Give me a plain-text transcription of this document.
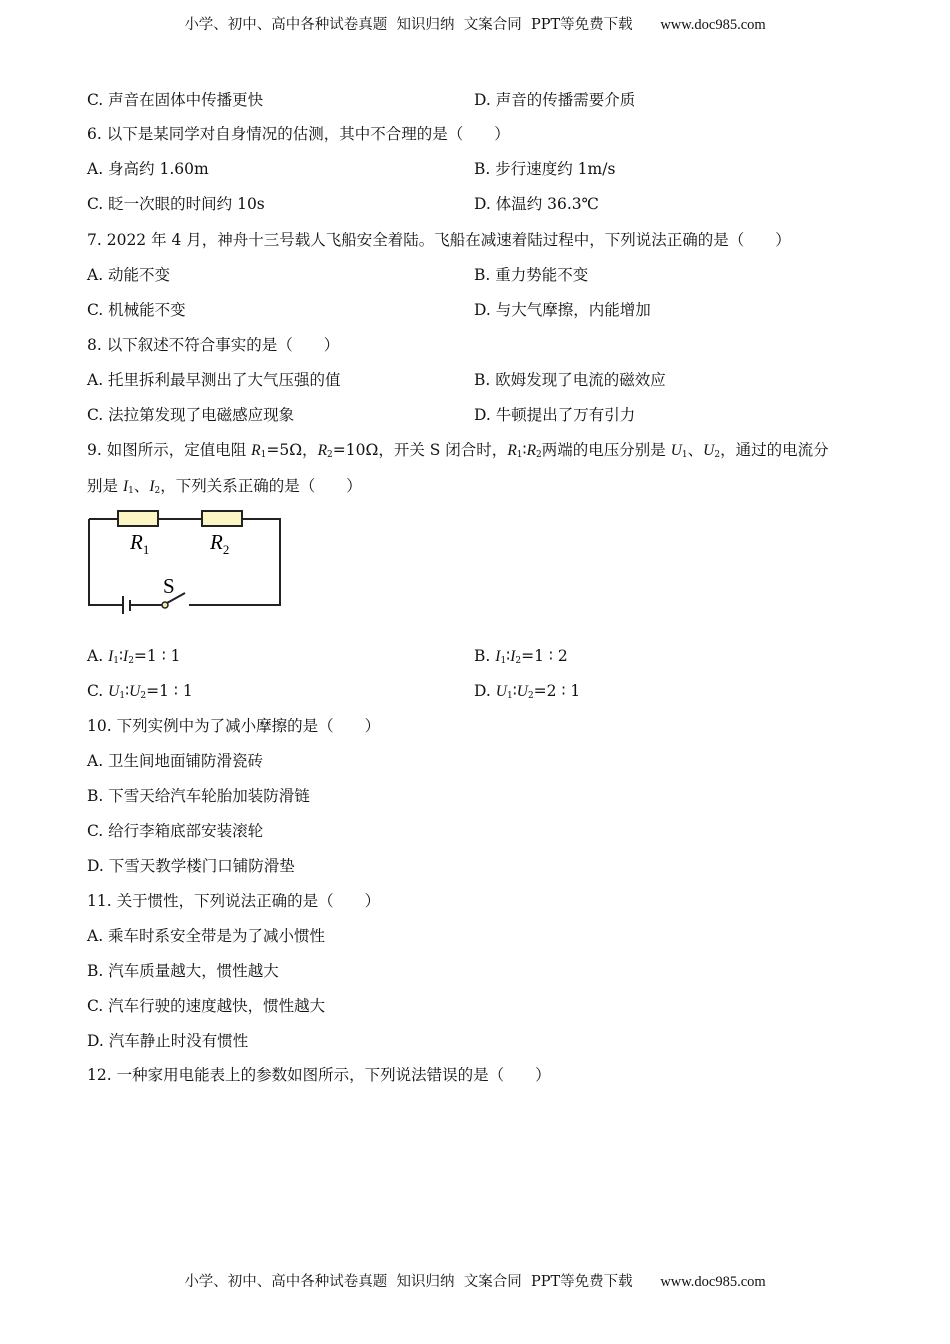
小学、初中、高中各种试卷真题  知识归纳  文案合同  PPT等免费下载 www.doc985.com
C. 声音在固体中传播更快	D. 声音的传播需要介质
6. 以下是某同学对自身情况的估测，其中不合理的是（　　）
A. 身高约 1.60m	B. 步行速度约 1m/s
C. 眨一次眼的时间约 10s	D. 体温约 36.3℃
7. 2022 年 4 月，神舟十三号载人飞船安全着陆。飞船在减速着陆过程中，下列说法正确的是（　　）
A. 动能不变	B. 重力势能不变
C. 机械能不变	D. 与大气摩擦，内能增加
8. 以下叙述不符合事实的是（　　）
A. 托里拆利最早测出了大气压强的值	B. 欧姆发现了电流的磁效应
C. 法拉第发现了电磁感应现象	D. 牛顿提出了万有引力
9. 如图所示，定值电阻 $R_1=5\Omega$，$R_2=10\Omega$，开关 S 闭合时，$R_1∶R_2$两端的电压分别是 $U_1$、$U_2$，通过的电流分
别是 $I_1$、$I_2$，下列关系正确的是（　　）
$R_1$	$R_2$
S
A. $I_1∶I_2=1$ ∶ 1	B. $I_1∶I_2=1$ ∶ 2
C. $U_1∶U_2=1$ ∶ 1	D. $U_1∶U_2=2$ ∶ 1
10. 下列实例中为了减小摩擦的是（　　）
A. 卫生间地面铺防滑瓷砖
B. 下雪天给汽车轮胎加装防滑链
C. 给行李箱底部安装滚轮
D. 下雪天教学楼门口铺防滑垫
11. 关于惯性，下列说法正确的是（　　）
A. 乘车时系安全带是为了减小惯性
B. 汽车质量越大，惯性越大
C. 汽车行驶的速度越快，惯性越大
D. 汽车静止时没有惯性
12. 一种家用电能表上的参数如图所示，下列说法错误的是（　　）
小学、初中、高中各种试卷真题  知识归纳  文案合同  PPT等免费下载 www.doc985.com
